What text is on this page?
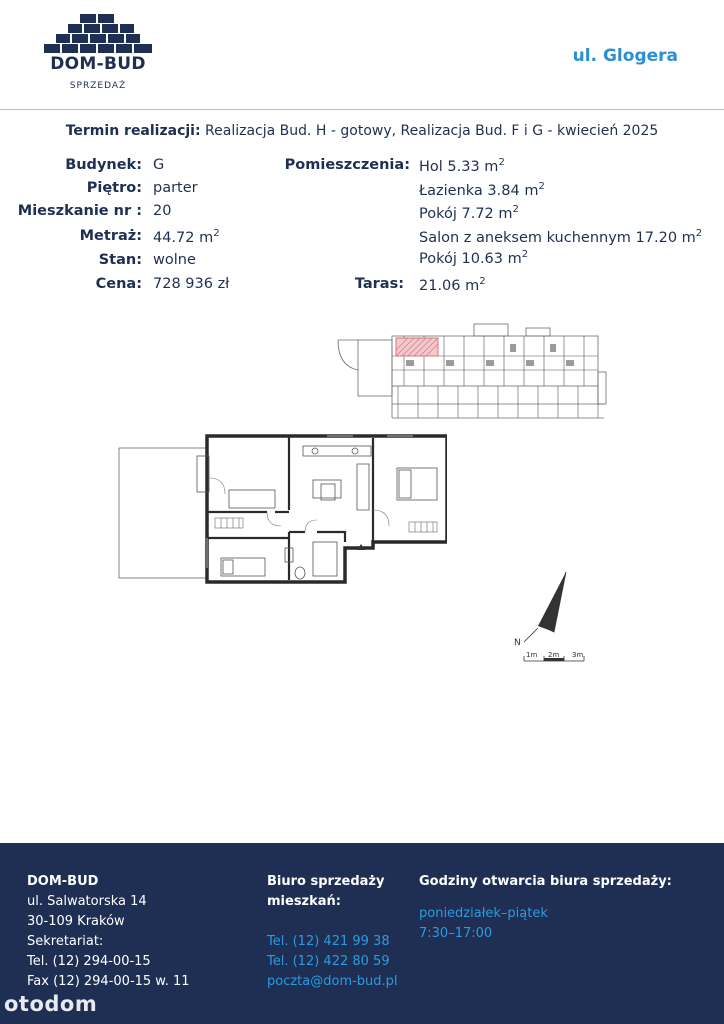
DOM-BUD
SPRZEDAŻ
ul. Glogera
Termin realizacji: Realizacja Bud. H - gotowy, Realizacja Bud. F i G - kwiecień 2025
Budynek: G
Piętro: parter
Mieszkanie nr : 20
Metraż: 44.72 $m^2$
Stan: wolne
Cena: 728 936 zł
Pomieszczenia: Hol 5.33 $m^2$
Łazienka 3.84 $m^2$
Pokój 7.72 $m^2$
Salon z aneksem kuchennym 17.20 $m^2$
Pokój 10.63 $m^2$
Taras: 21.06 $m^2$
N
1m 2m 3m
DOM-BUD
ul. Salwatorska 14
30-109 Kraków
Sekretariat:
Tel. (12) 294-00-15
Fax (12) 294-00-15 w. 11
Biuro sprzedaży
mieszkań:
Tel. (12) 421 99 38
Tel. (12) 422 80 59
poczta@dom-bud.pl
Godziny otwarcia biura sprzedaży:
poniedziałek–piątek
7:30–17:00
otodom
